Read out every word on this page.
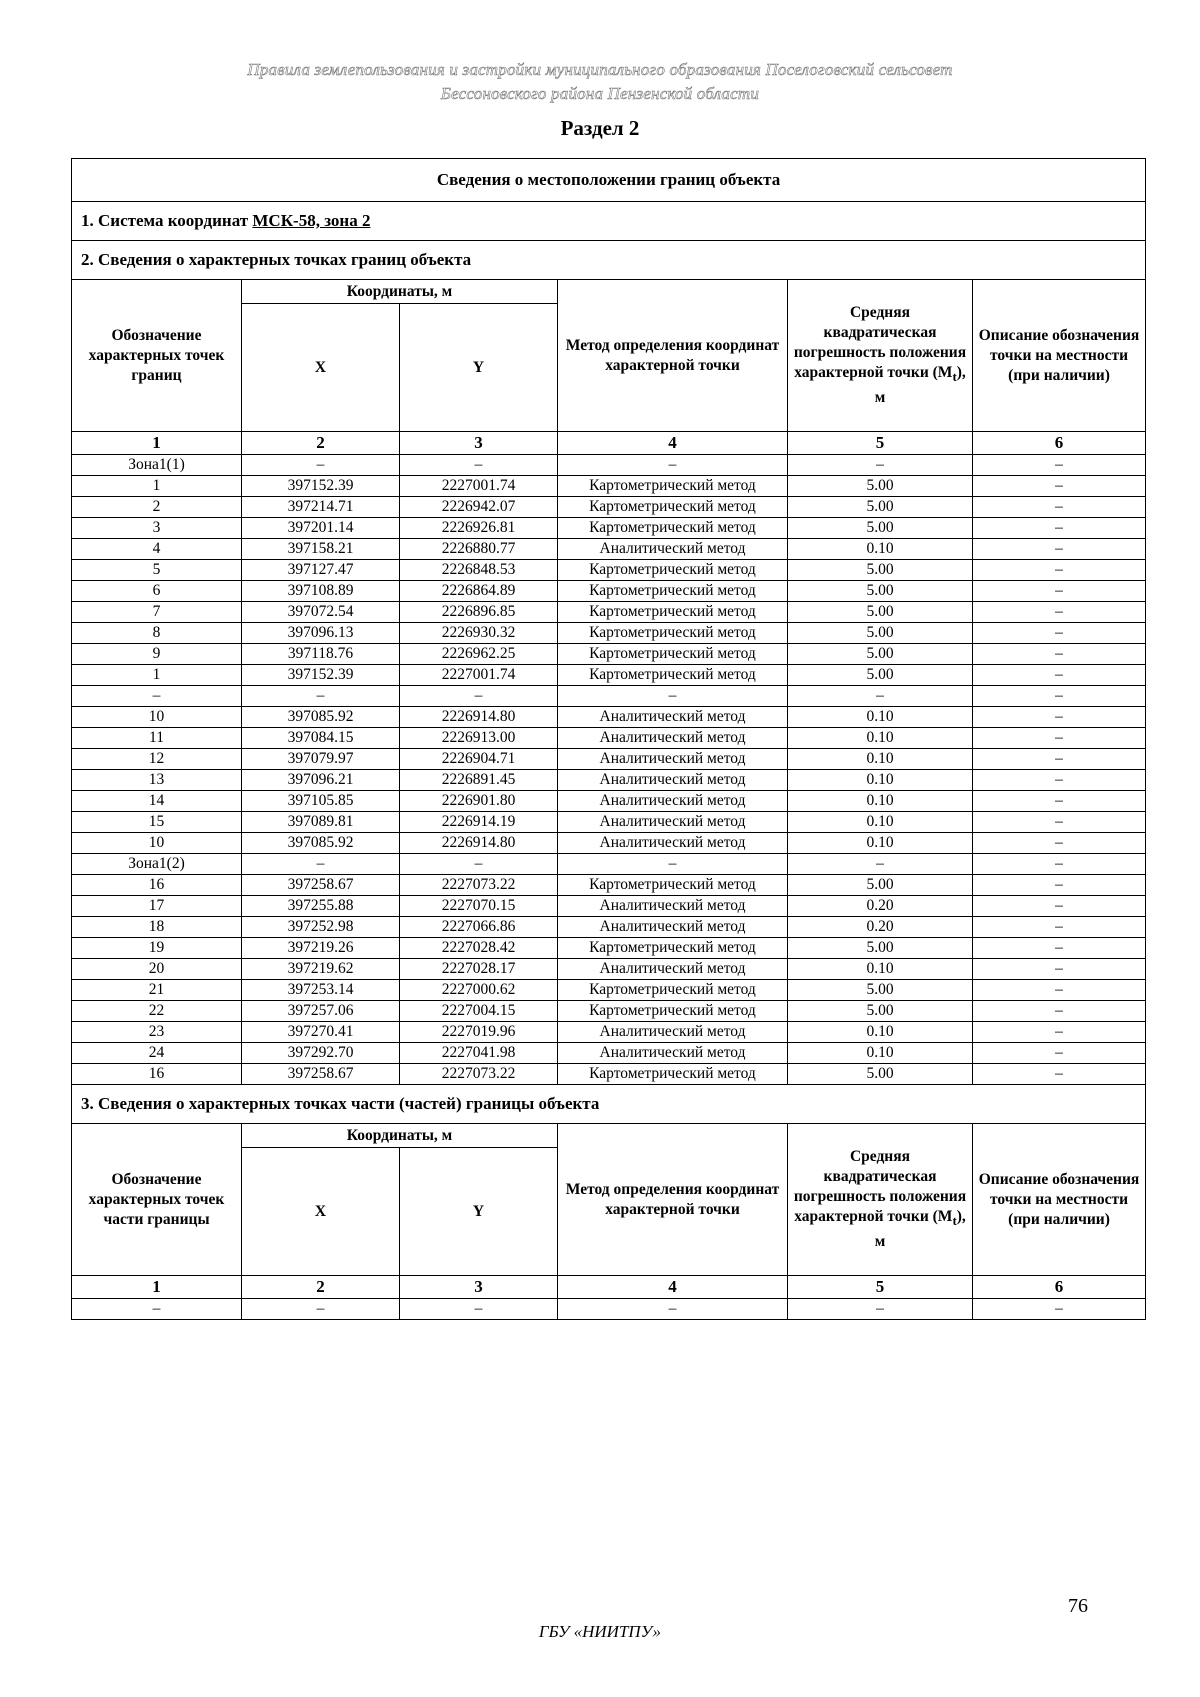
Правила землепользования и застройки муниципального образования Поселоговский сельсовет
Бессоновского района Пензенской области
Раздел 2
Сведения о местоположении границ объекта					
1. Система координат МСК-58, зона 2					
2. Сведения о характерных точках границ объекта					
Обозначение характерных точек границ	Координаты, м		Метод определения координат характерной точки	Средняя квадратическая погрешность положения характерной точки $(M_t)$, м	Описание обозначения точки на местности (при наличии)
	X	Y			
1	2	3	4	5	6
Зона1(1)	–	–	–	–	–
1	397152.39	2227001.74	Картометрический метод	5.00	–
2	397214.71	2226942.07	Картометрический метод	5.00	–
3	397201.14	2226926.81	Картометрический метод	5.00	–
4	397158.21	2226880.77	Аналитический метод	0.10	–
5	397127.47	2226848.53	Картометрический метод	5.00	–
6	397108.89	2226864.89	Картометрический метод	5.00	–
7	397072.54	2226896.85	Картометрический метод	5.00	–
8	397096.13	2226930.32	Картометрический метод	5.00	–
9	397118.76	2226962.25	Картометрический метод	5.00	–
1	397152.39	2227001.74	Картометрический метод	5.00	–
–	–	–	–	–	–
10	397085.92	2226914.80	Аналитический метод	0.10	–
11	397084.15	2226913.00	Аналитический метод	0.10	–
12	397079.97	2226904.71	Аналитический метод	0.10	–
13	397096.21	2226891.45	Аналитический метод	0.10	–
14	397105.85	2226901.80	Аналитический метод	0.10	–
15	397089.81	2226914.19	Аналитический метод	0.10	–
10	397085.92	2226914.80	Аналитический метод	0.10	–
Зона1(2)	–	–	–	–	–
16	397258.67	2227073.22	Картометрический метод	5.00	–
17	397255.88	2227070.15	Аналитический метод	0.20	–
18	397252.98	2227066.86	Аналитический метод	0.20	–
19	397219.26	2227028.42	Картометрический метод	5.00	–
20	397219.62	2227028.17	Аналитический метод	0.10	–
21	397253.14	2227000.62	Картометрический метод	5.00	–
22	397257.06	2227004.15	Картометрический метод	5.00	–
23	397270.41	2227019.96	Аналитический метод	0.10	–
24	397292.70	2227041.98	Аналитический метод	0.10	–
16	397258.67	2227073.22	Картометрический метод	5.00	–
3. Сведения о характерных точках части (частей) границы объекта					
Обозначение характерных точек части границы	Координаты, м		Метод определения координат характерной точки	Средняя квадратическая погрешность положения характерной точки $(M_t)$, м	Описание обозначения точки на местности (при наличии)
	X	Y			
1	2	3	4	5	6
–	–	–	–	–	–
76
ГБУ «НИИТПУ»
